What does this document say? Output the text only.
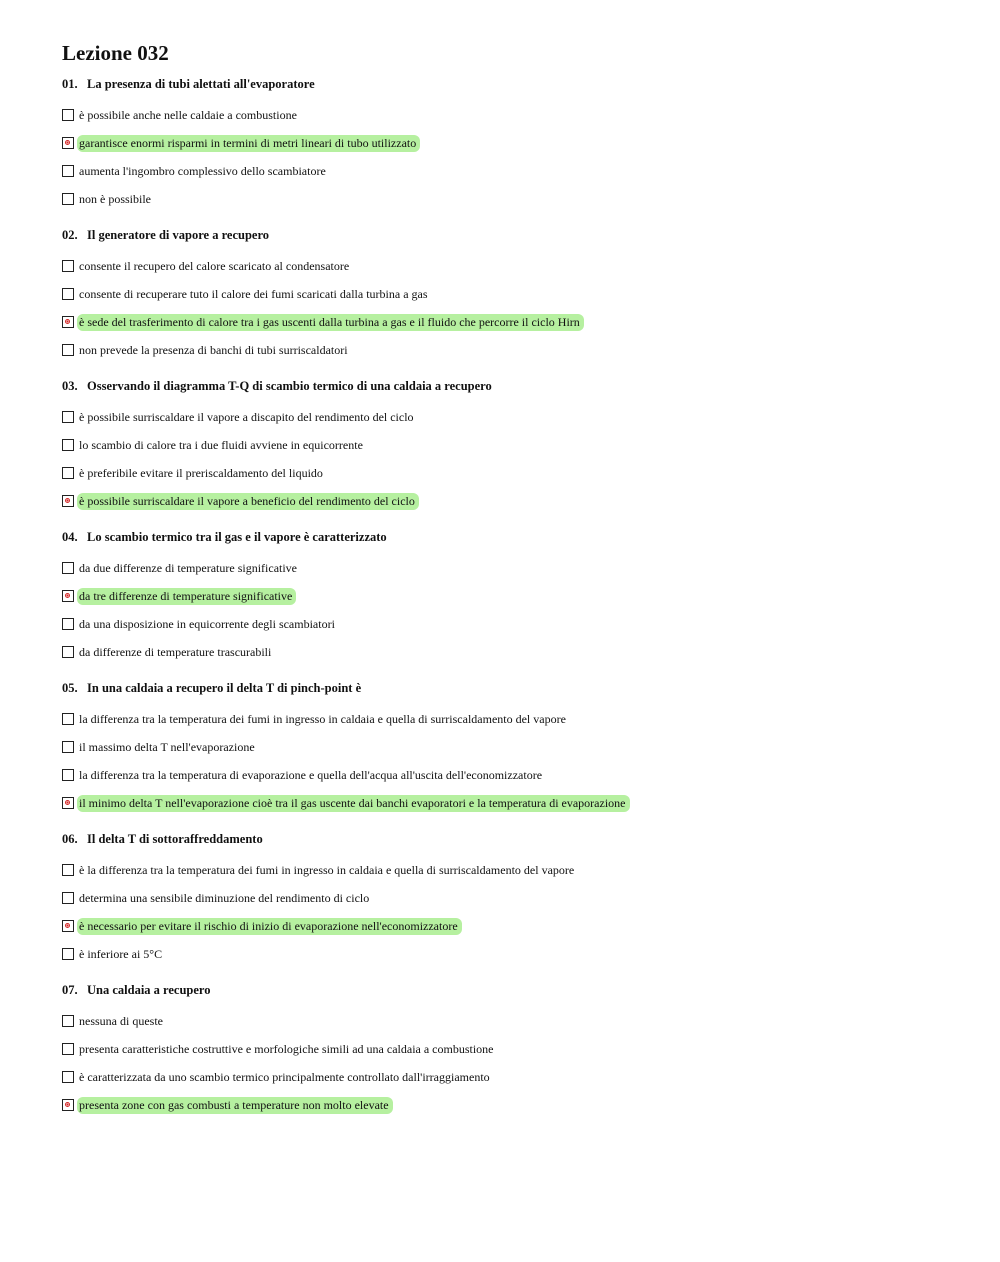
Lezione 032
01. La presenza di tubi alettati all'evaporatore
è possibile anche nelle caldaie a combustione
garantisce enormi risparmi in termini di metri lineari di tubo utilizzato
aumenta l'ingombro complessivo dello scambiatore
non è possibile
02. Il generatore di vapore a recupero
consente il recupero del calore scaricato al condensatore
consente di recuperare tuto il calore dei fumi scaricati dalla turbina a gas
è sede del trasferimento di calore tra i gas uscenti dalla turbina a gas e il fluido che percorre il ciclo Hirn
non prevede la presenza di banchi di tubi surriscaldatori
03. Osservando il diagramma T-Q di scambio termico di una caldaia a recupero
è possibile surriscaldare il vapore a discapito del rendimento del ciclo
lo scambio di calore tra i due fluidi avviene in equicorrente
è preferibile evitare il preriscaldamento del liquido
è possibile surriscaldare il vapore a beneficio del rendimento del ciclo
04. Lo scambio termico tra il gas e il vapore è caratterizzato
da due differenze di temperature significative
da tre differenze di temperature significative
da una disposizione in equicorrente degli scambiatori
da differenze di temperature trascurabili
05. In una caldaia a recupero il delta T di pinch-point è
la differenza tra la temperatura dei fumi in ingresso in caldaia e quella di surriscaldamento del vapore
il massimo delta T nell'evaporazione
la differenza tra la temperatura di evaporazione e quella dell'acqua all'uscita dell'economizzatore
il minimo delta T nell'evaporazione cioè tra il gas uscente dai banchi evaporatori e la temperatura di evaporazione
06. Il delta T di sottoraffreddamento
è la differenza tra la temperatura dei fumi in ingresso in caldaia e quella di surriscaldamento del vapore
determina una sensibile diminuzione del rendimento di ciclo
è necessario per evitare il rischio di inizio di evaporazione nell'economizzatore
è inferiore ai 5°C
07. Una caldaia a recupero
nessuna di queste
presenta caratteristiche costruttive e morfologiche simili ad una caldaia a combustione
è caratterizzata da uno scambio termico principalmente controllato dall'irraggiamento
presenta zone con gas combusti a temperature non molto elevate
